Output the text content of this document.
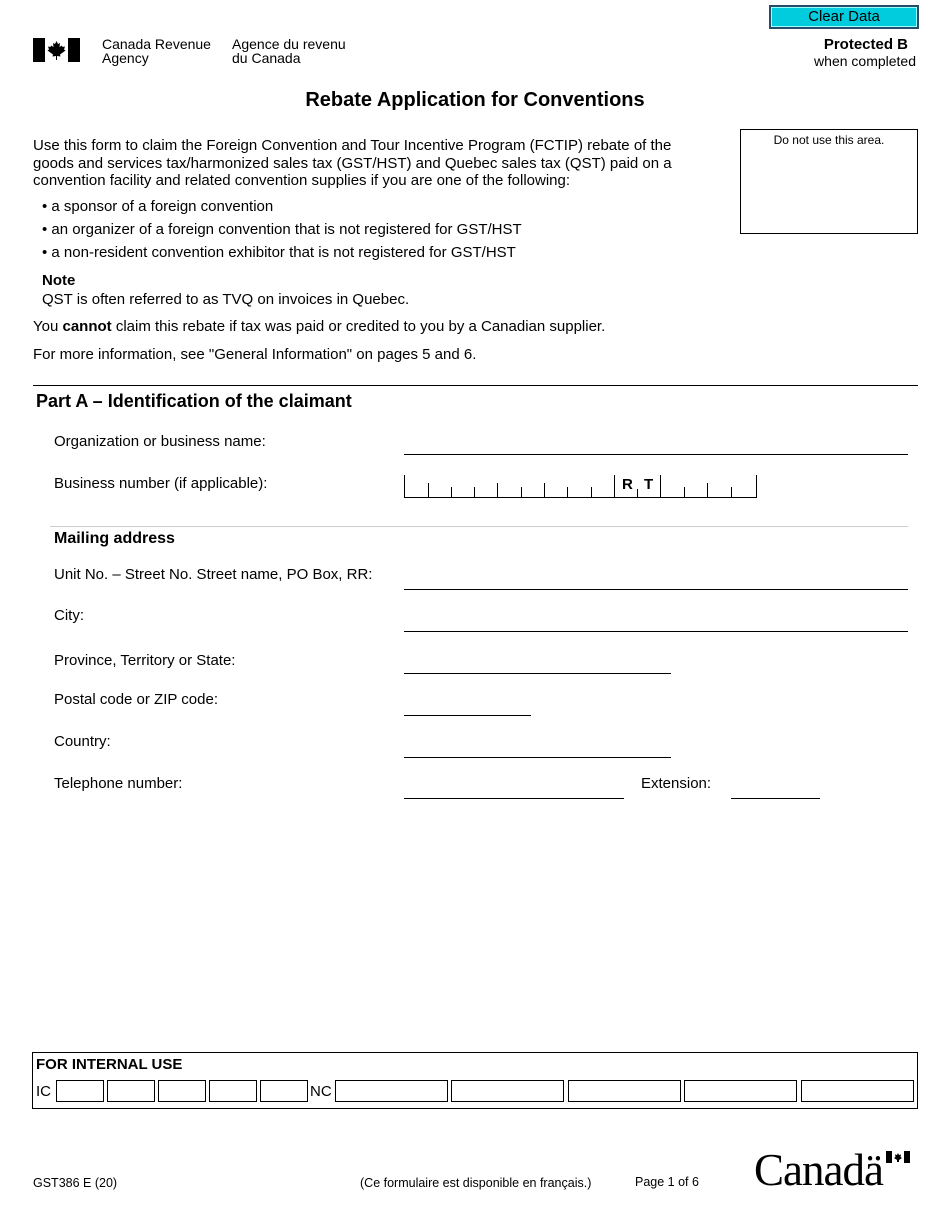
Clear Data
Canada Revenue
Agency
Agence du revenu
du Canada
Protected B
when completed
Rebate Application for Conventions
Use this form to claim the Foreign Convention and Tour Incentive Program (FCTIP) rebate of the goods and services tax/harmonized sales tax (GST/HST) and Quebec sales tax (QST) paid on a convention facility and related convention supplies if you are one of the following:
Do not use this area.
• a sponsor of a foreign convention
• an organizer of a foreign convention that is not registered for GST/HST
• a non-resident convention exhibitor that is not registered for GST/HST
Note
QST is often referred to as TVQ on invoices in Quebec.
You cannot claim this rebate if tax was paid or credited to you by a Canadian supplier.
For more information, see "General Information" on pages 5 and 6.
Part A – Identification of the claimant
Organization or business name:
Business number (if applicable):	R T
Mailing address
Unit No. – Street No. Street name, PO Box, RR:
City:
Province, Territory or State:
Postal code or ZIP code:
Country:
Telephone number:	Extension:
FOR INTERNAL USE
IC	NC
GST386 E (20)	(Ce formulaire est disponible en français.)	Page 1 of 6 Canadä
